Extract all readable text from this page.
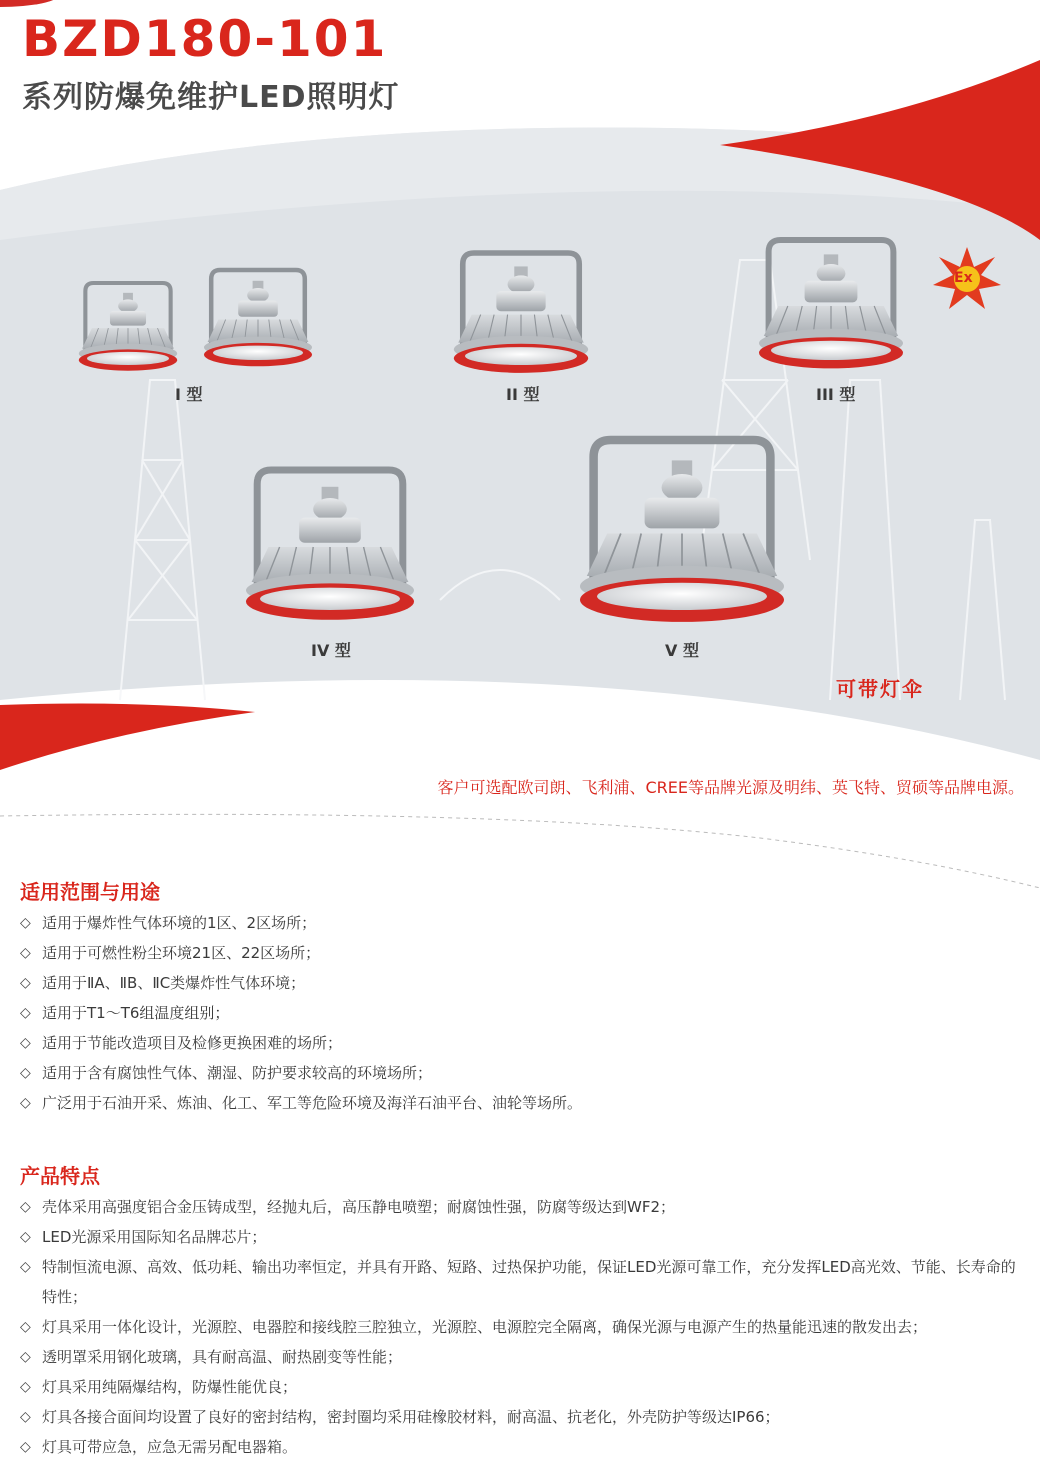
BZD180-101
系列防爆免维护LED照明灯
Ⅰ 型	II 型	III 型
IV 型	V 型
Ex
可带灯伞
客户可选配欧司朗、飞利浦、CREE等品牌光源及明纬、英飞特、贸硕等品牌电源。
适用范围与用途
◇ 适用于爆炸性气体环境的1区、2区场所；
◇ 适用于可燃性粉尘环境21区、22区场所；
◇ 适用于ⅡA、ⅡB、ⅡC类爆炸性气体环境；
◇ 适用于T1～T6组温度组别；
◇ 适用于节能改造项目及检修更换困难的场所；
◇ 适用于含有腐蚀性气体、潮湿、防护要求较高的环境场所；
◇ 广泛用于石油开采、炼油、化工、军工等危险环境及海洋石油平台、油轮等场所。
产品特点
◇ 壳体采用高强度铝合金压铸成型，经抛丸后，高压静电喷塑；耐腐蚀性强，防腐等级达到WF2；
◇ LED光源采用国际知名品牌芯片；
◇ 特制恒流电源、高效、低功耗、输出功率恒定，并具有开路、短路、过热保护功能，保证LED光源可靠工作，充分发挥LED高光效、节能、长寿命的特性；
◇ 灯具采用一体化设计，光源腔、电器腔和接线腔三腔独立，光源腔、电源腔完全隔离，确保光源与电源产生的热量能迅速的散发出去；
◇ 透明罩采用钢化玻璃，具有耐高温、耐热剧变等性能；
◇ 灯具采用纯隔爆结构，防爆性能优良；
◇ 灯具各接合面间均设置了良好的密封结构，密封圈均采用硅橡胶材料，耐高温、抗老化，外壳防护等级达IP66；
◇ 灯具可带应急，应急无需另配电器箱。
